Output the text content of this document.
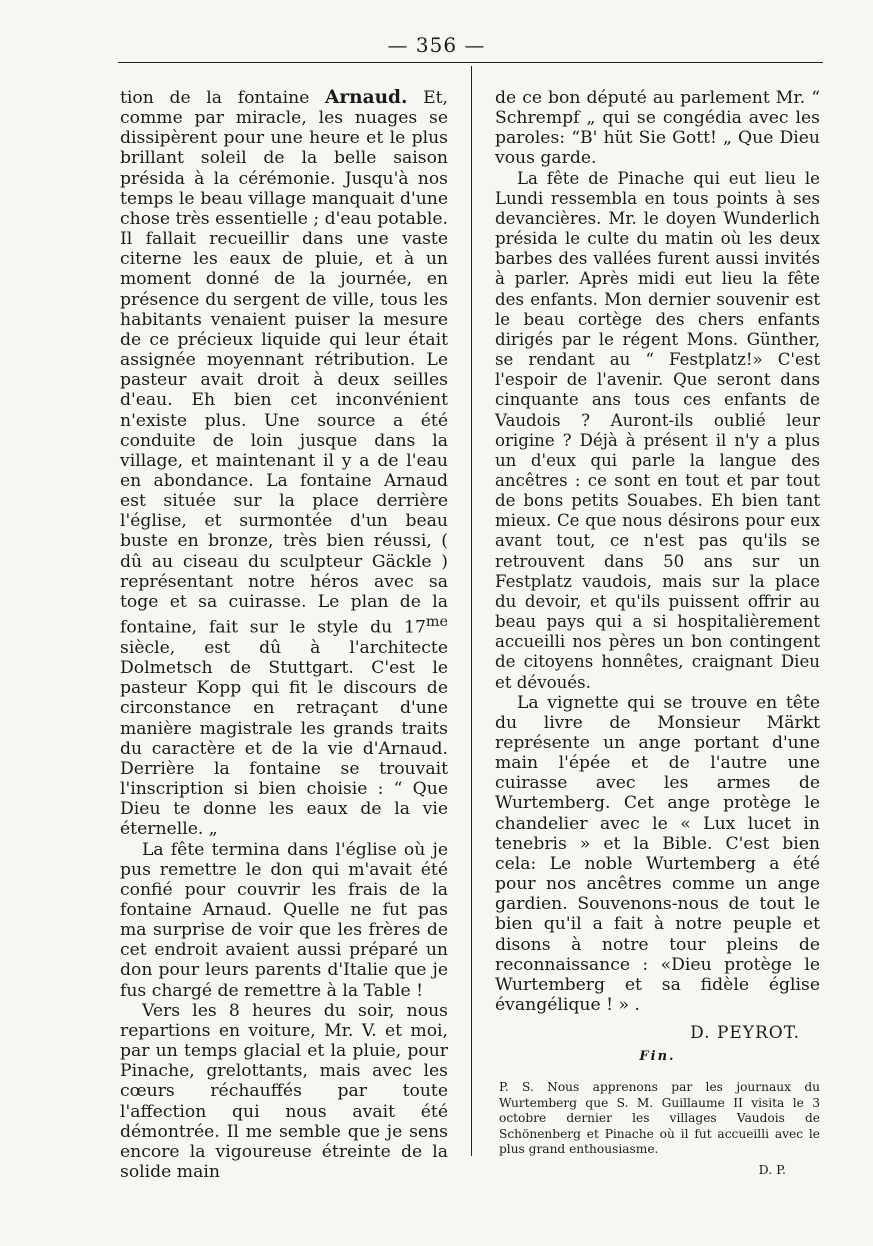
— 356 —

tion de la fontaine Arnaud. Et, comme par miracle, les nuages se dissipèrent pour une heure et le plus brillant soleil de la belle saison présida à la cérémonie. Jusqu'à nos temps le beau village manquait d'une chose très essentielle ; d'eau potable. Il fallait recueillir dans une vaste citerne les eaux de pluie, et à un moment donné de la journée, en présence du sergent de ville, tous les habitants venaient puiser la mesure de ce précieux liquide qui leur était assignée moyennant rétribution. Le pasteur avait droit à deux seilles d'eau. Eh bien cet inconvénient n'existe plus. Une source a été conduite de loin jusque dans la village, et maintenant il y a de l'eau en abondance. La fontaine Arnaud est située sur la place derrière l'église, et surmontée d'un beau buste en bronze, très bien réussi, ( dû au ciseau du sculpteur Gäckle ) représentant notre héros avec sa toge et sa cuirasse. Le plan de la fontaine, fait sur le style du $17^{me}$ siècle, est dû à l'architecte Dolmetsch de Stuttgart. C'est le pasteur Kopp qui fit le discours de circonstance en retraçant d'une manière magistrale les grands traits du caractère et de la vie d'Arnaud. Derrière la fontaine se trouvait l'inscription si bien choisie : “ Que Dieu te donne les eaux de la vie éternelle. „

La fête termina dans l'église où je pus remettre le don qui m'avait été confié pour couvrir les frais de la fontaine Arnaud. Quelle ne fut pas ma surprise de voir que les frères de cet endroit avaient aussi préparé un don pour leurs parents d'Italie que je fus chargé de remettre à la Table !

Vers les 8 heures du soir, nous repartions en voiture, Mr. V. et moi, par un temps glacial et la pluie, pour Pinache, grelottants, mais avec les cœurs réchauffés par toute l'affection qui nous avait été démontrée. Il me semble que je sens encore la vigoureuse étreinte de la solide main

de ce bon député au parlement Mr. “ Schrempf „ qui se congédia avec les paroles: “B' hüt Sie Gott! „ Que Dieu vous garde.

La fête de Pinache qui eut lieu le Lundi ressembla en tous points à ses devancières. Mr. le doyen Wunderlich présida le culte du matin où les deux barbes des vallées furent aussi invités à parler. Après midi eut lieu la fête des enfants. Mon dernier souvenir est le beau cortège des chers enfants dirigés par le régent Mons. Günther, se rendant au “ Festplatz!» C'est l'espoir de l'avenir. Que seront dans cinquante ans tous ces enfants de Vaudois ? Auront-ils oublié leur origine ? Déjà à présent il n'y a plus un d'eux qui parle la langue des ancêtres : ce sont en tout et par tout de bons petits Souabes. Eh bien tant mieux. Ce que nous désirons pour eux avant tout, ce n'est pas qu'ils se retrouvent dans 50 ans sur un Festplatz vaudois, mais sur la place du devoir, et qu'ils puissent offrir au beau pays qui a si hospitalièrement accueilli nos pères un bon contingent de citoyens honnêtes, craignant Dieu et dévoués.

La vignette qui se trouve en tête du livre de Monsieur Märkt représente un ange portant d'une main l'épée et de l'autre une cuirasse avec les armes de Wurtemberg. Cet ange protège le chandelier avec le « Lux lucet in tenebris » et la Bible. C'est bien cela: Le noble Wurtemberg a été pour nos ancêtres comme un ange gardien. Souvenons-nous de tout le bien qu'il a fait à notre peuple et disons à notre tour pleins de reconnaissance : «Dieu protège le Wurtemberg et sa fidèle église évangélique ! » .

D. PEYROT.
Fin.
P. S. Nous apprenons par les journaux du Wurtemberg que S. M. Guillaume II visita le 3 octobre dernier les villages Vaudois de Schönenberg et Pinache où il fut accueilli avec le plus grand enthousiasme.
D. P.
